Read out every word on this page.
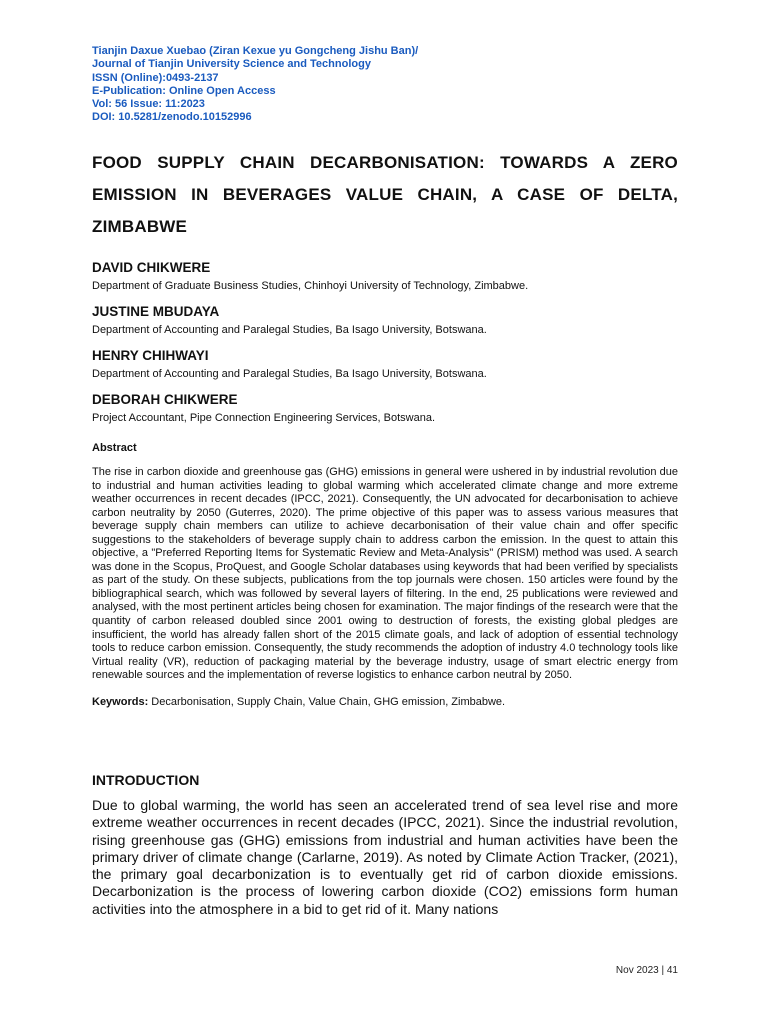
Tianjin Daxue Xuebao (Ziran Kexue yu Gongcheng Jishu Ban)/
Journal of Tianjin University Science and Technology
ISSN (Online):0493-2137
E-Publication: Online Open Access
Vol: 56 Issue: 11:2023
DOI: 10.5281/zenodo.10152996
FOOD SUPPLY CHAIN DECARBONISATION: TOWARDS A ZERO EMISSION IN BEVERAGES VALUE CHAIN, A CASE OF DELTA, ZIMBABWE
DAVID CHIKWERE
Department of Graduate Business Studies, Chinhoyi University of Technology, Zimbabwe.
JUSTINE MBUDAYA
Department of Accounting and Paralegal Studies, Ba Isago University, Botswana.
HENRY CHIHWAYI
Department of Accounting and Paralegal Studies, Ba Isago University, Botswana.
DEBORAH CHIKWERE
Project Accountant, Pipe Connection Engineering Services, Botswana.
Abstract

The rise in carbon dioxide and greenhouse gas (GHG) emissions in general were ushered in by industrial revolution due to industrial and human activities leading to global warming which accelerated climate change and more extreme weather occurrences in recent decades (IPCC, 2021). Consequently, the UN advocated for decarbonisation to achieve carbon neutrality by 2050 (Guterres, 2020). The prime objective of this paper was to assess various measures that beverage supply chain members can utilize to achieve decarbonisation of their value chain and offer specific suggestions to the stakeholders of beverage supply chain to address carbon the emission. In the quest to attain this objective, a "Preferred Reporting Items for Systematic Review and Meta-Analysis" (PRISM) method was used. A search was done in the Scopus, ProQuest, and Google Scholar databases using keywords that had been verified by specialists as part of the study. On these subjects, publications from the top journals were chosen. 150 articles were found by the bibliographical search, which was followed by several layers of filtering. In the end, 25 publications were reviewed and analysed, with the most pertinent articles being chosen for examination. The major findings of the research were that the quantity of carbon released doubled since 2001 owing to destruction of forests, the existing global pledges are insufficient, the world has already fallen short of the 2015 climate goals, and lack of adoption of essential technology tools to reduce carbon emission. Consequently, the study recommends the adoption of industry 4.0 technology tools like Virtual reality (VR), reduction of packaging material by the beverage industry, usage of smart electric energy from renewable sources and the implementation of reverse logistics to enhance carbon neutral by 2050.

Keywords: Decarbonisation, Supply Chain, Value Chain, GHG emission, Zimbabwe.
INTRODUCTION

Due to global warming, the world has seen an accelerated trend of sea level rise and more extreme weather occurrences in recent decades (IPCC, 2021). Since the industrial revolution, rising greenhouse gas (GHG) emissions from industrial and human activities have been the primary driver of climate change (Carlarne, 2019). As noted by Climate Action Tracker, (2021), the primary goal decarbonization is to eventually get rid of carbon dioxide emissions. Decarbonization is the process of lowering carbon dioxide (CO2) emissions form human activities into the atmosphere in a bid to get rid of it. Many nations

Nov 2023 | 41
